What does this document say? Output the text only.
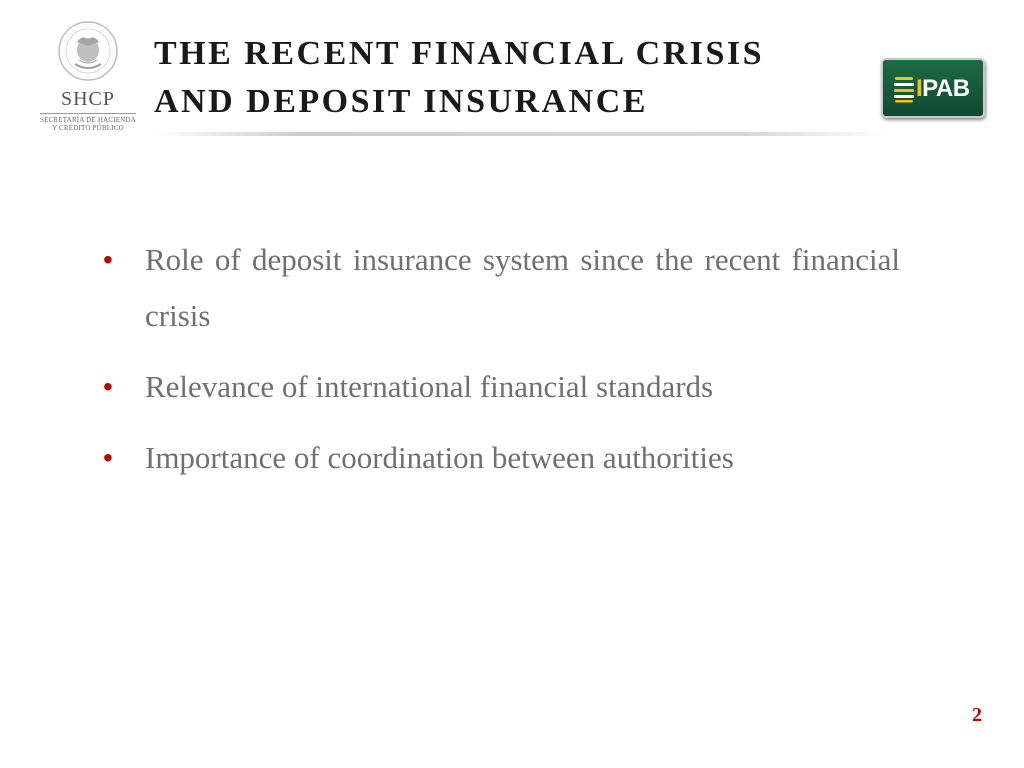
SHCP
SECRETARÍA DE HACIENDA
Y CRÉDITO PÚBLICO
THE RECENT FINANCIAL CRISIS
AND DEPOSIT INSURANCE	IPAB
• Role of deposit insurance system since the recent financial crisis
• Relevance of international financial standards
• Importance of coordination between authorities
2
